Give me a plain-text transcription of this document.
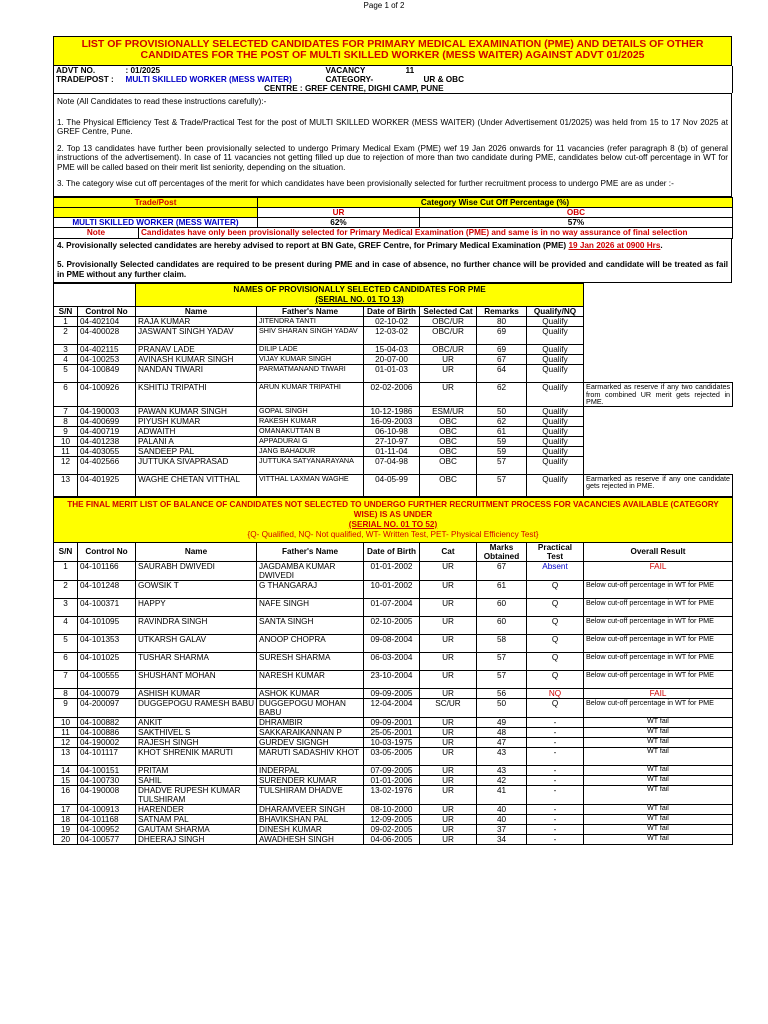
Page 1 of 2
LIST OF PROVISIONALLY SELECTED CANDIDATES FOR PRIMARY MEDICAL EXAMINATION (PME) AND DETAILS OF OTHER CANDIDATES FOR THE POST OF MULTI SKILLED WORKER (MESS WAITER) AGAINST ADVT 01/2025
ADVT NO.	: 01/2025	VACANCY	11	
TRADE/POST :	MULTI SKILLED WORKER (MESS WAITER)	CATEGORY-	UR & OBC	
CENTRE : GREF CENTRE, DIGHI CAMP, PUNE				

Note (All Candidates to read these instructions carefully):-

1. The Physical Efficiency Test & Trade/Practical Test for the post of MULTI SKILLED WORKER (MESS WAITER) (Under Advertisement 01/2025) was held from 15 to 17 Nov 2025 at GREF Centre, Pune.

2. Top 13 candidates have further been provisionally selected to undergo Primary Medical Exam (PME) wef 19 Jan 2026 onwards for 11 vacancies (refer paragraph 8 (b) of general instructions of the advertisement). In case of 11 vacancies not getting filled up due to rejection of more than two candidate during PME, candidates below cut-off percentage in WT for PME will be called based on their merit list seniority, depending on the situation.

3. The category wise cut off percentages of the merit for which candidates have been provisionally selected for further recruitment process to undergo PME are as under :-

Trade/Post		Category Wise Cut Off Percentage (%)	
		UR	OBC
MULTI SKILLED WORKER (MESS WAITER)		62%	57%
Note	Candidates have only been provisionally selected for Primary Medical Examination (PME) and same is in no way assurance of final selection		

4. Provisionally selected candidates are hereby advised to report at BN Gate, GREF Centre, for Primary Medical Examination (PME) 19 Jan 2026 at 0900 Hrs.

5. Provisionally Selected candidates are required to be present during PME and in case of absence, no further chance will be provided and candidate will be treated as fail in PME without any further claim.

		NAMES OF PROVISIONALLY SELECTED CANDIDATES FOR PME
(SERIAL NO. 01 TO 13)						

S/N	Control No	Name	Father's Name	Date of Birth	Selected Cat	Remarks	Qualify/NQ	
1	04-402104	RAJA KUMAR	JITENDRA TANTI	02-10-02	OBC/UR	80	Qualify	
2	04-400028	JASWANT SINGH YADAV	SHIV SHARAN SINGH YADAV	12-03-02	OBC/UR	69	Qualify	
3	04-402115	PRANAV LADE	DILIP LADE	15-04-03	OBC/UR	69	Qualify	
4	04-100253	AVINASH KUMAR SINGH	VIJAY KUMAR SINGH	20-07-00	UR	67	Qualify	
5	04-100849	NANDAN TIWARI	PARMATMANAND TIWARI	01-01-03	UR	64	Qualify	
6	04-100926	KSHITIJ TRIPATHI	ARUN KUMAR TRIPATHI	02-02-2006	UR	62	Qualify	Earmarked as reserve if any two candidates from combined UR merit gets rejected in PME.
7	04-190003	PAWAN KUMAR SINGH	GOPAL SINGH	10-12-1986	ESM/UR	50	Qualify	
8	04-400699	PIYUSH KUMAR	RAKESH KUMAR	16-09-2003	OBC	62	Qualify	
9	04-400719	ADWAITH	OMANAKUTTAN B	06-10-98	OBC	61	Qualify	
10	04-401238	PALANI A	APPADURAI G	27-10-97	OBC	59	Qualify	
11	04-403055	SANDEEP PAL	JANG BAHADUR	01-11-04	OBC	59	Qualify	
12	04-402566	JUTTUKA SIVAPRASAD	JUTTUKA SATYANARAYANA	07-04-98	OBC	57	Qualify	
13	04-401925	WAGHE CHETAN VITTHAL	VITTHAL LAXMAN WAGHE	04-05-99	OBC	57	Qualify	Earmarked as reserve if any one candidate gets rejected in PME.
THE FINAL MERIT LIST OF BALANCE OF CANDIDATES NOT SELECTED TO UNDERGO FURTHER RECRUITMENT PROCESS FOR VACANCIES AVAILABLE (CATEGORY WISE) IS AS UNDER
(SERIAL NO. 01 TO 52)
{Q- Qualified, NQ- Not qualified, WT- Written Test, PET- Physical Efficiency Test}								

S/N	Control No	Name	Father's Name	Date of Birth	Cat	Marks Obtained	Practical Test	Overall Result
1	04-101166	SAURABH DWIVEDI	JAGDAMBA KUMAR DWIVEDI	01-01-2002	UR	67	Absent	FAIL
2	04-101248	GOWSIK T	G THANGARAJ	10-01-2002	UR	61	Q	Below cut-off percentage in WT for PME
3	04-100371	HAPPY	NAFE SINGH	01-07-2004	UR	60	Q	Below cut-off percentage in WT for PME
4	04-101095	RAVINDRA SINGH	SANTA SINGH	02-10-2005	UR	60	Q	Below cut-off percentage in WT for PME
5	04-101353	UTKARSH GALAV	ANOOP CHOPRA	09-08-2004	UR	58	Q	Below cut-off percentage in WT for PME
6	04-101025	TUSHAR SHARMA	SURESH SHARMA	06-03-2004	UR	57	Q	Below cut-off percentage in WT for PME
7	04-100555	SHUSHANT MOHAN	NARESH KUMAR	23-10-2004	UR	57	Q	Below cut-off percentage in WT for PME
8	04-100079	ASHISH KUMAR	ASHOK KUMAR	09-09-2005	UR	56	NQ	FAIL
9	04-200097	DUGGEPOGU RAMESH BABU	DUGGEPOGU MOHAN BABU	12-04-2004	SC/UR	50	Q	Below cut-off percentage in WT for PME
10	04-100882	ANKIT	DHRAMBIR	09-09-2001	UR	49	-	WT fail
11	04-100886	SAKTHIVEL S	SAKKARAIKANNAN P	25-05-2001	UR	48	-	WT fail
12	04-190002	RAJESH SINGH	GURDEV SIGNGH	10-03-1975	UR	47	-	WT fail
13	04-101117	KHOT SHRENIK MARUTI	MARUTI SADASHIV KHOT	03-05-2005	UR	43	-	WT fail
14	04-100151	PRITAM	INDERPAL	07-09-2005	UR	43	-	WT fail
15	04-100730	SAHIL	SURENDER KUMAR	01-01-2006	UR	42	-	WT fail
16	04-190008	DHADVE RUPESH KUMAR TULSHIRAM	TULSHIRAM DHADVE	13-02-1976	UR	41	-	WT fail
17	04-100913	HARENDER	DHARAMVEER SINGH	08-10-2000	UR	40	-	WT fail
18	04-101168	SATNAM PAL	BHAVIKSHAN PAL	12-09-2005	UR	40	-	WT fail
19	04-100952	GAUTAM SHARMA	DINESH KUMAR	09-02-2005	UR	37	-	WT fail
20	04-100577	DHEERAJ SINGH	AWADHESH SINGH	04-06-2005	UR	34	-	WT fail
